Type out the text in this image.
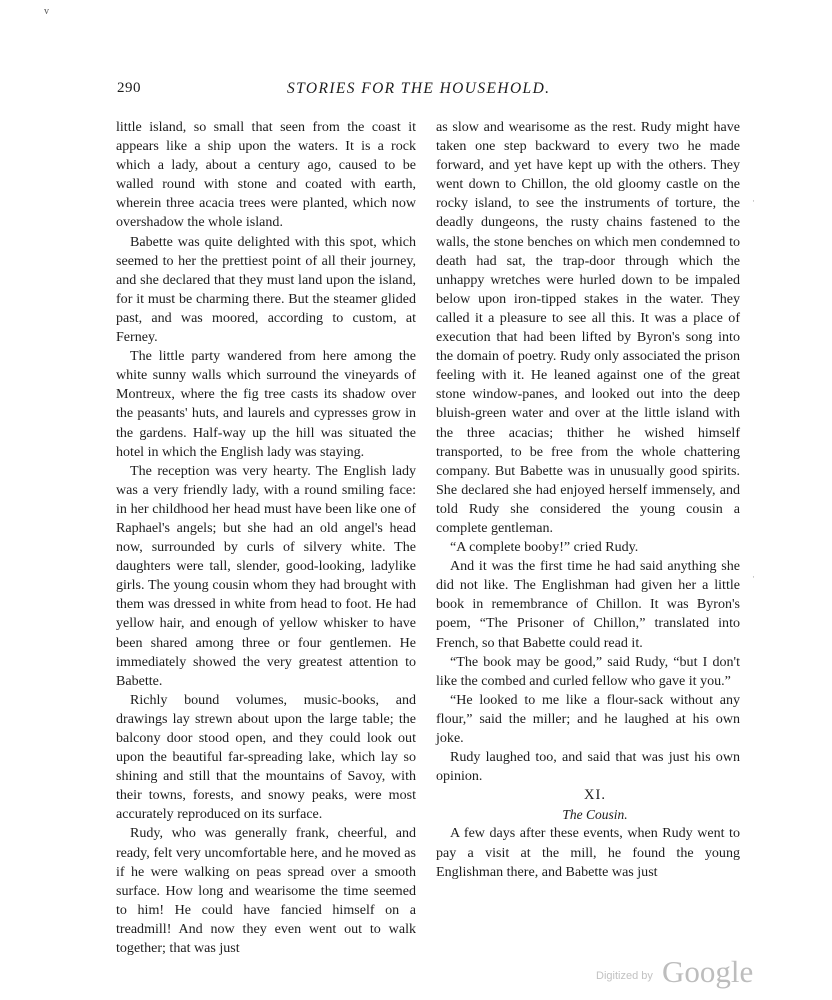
v
290	STORIES FOR THE HOUSEHOLD.

little island, so small that seen from the coast it appears like a ship upon the waters. It is a rock which a lady, about a century ago, caused to be walled round with stone and coated with earth, wherein three acacia trees were planted, which now overshadow the whole island.

Babette was quite delighted with this spot, which seemed to her the prettiest point of all their journey, and she declared that they must land upon the island, for it must be charming there. But the steamer glided past, and was moored, according to custom, at Ferney.

The little party wandered from here among the white sunny walls which surround the vineyards of Montreux, where the fig tree casts its shadow over the peasants' huts, and laurels and cypresses grow in the gardens. Half-way up the hill was situated the hotel in which the English lady was staying.

The reception was very hearty. The English lady was a very friendly lady, with a round smiling face: in her childhood her head must have been like one of Raphael's angels; but she had an old angel's head now, surrounded by curls of silvery white. The daughters were tall, slender, good-looking, ladylike girls. The young cousin whom they had brought with them was dressed in white from head to foot. He had yellow hair, and enough of yellow whisker to have been shared among three or four gentlemen. He immediately showed the very greatest attention to Babette.

Richly bound volumes, music-books, and drawings lay strewn about upon the large table; the balcony door stood open, and they could look out upon the beautiful far-spreading lake, which lay so shining and still that the mountains of Savoy, with their towns, forests, and snowy peaks, were most accurately reproduced on its surface.

Rudy, who was generally frank, cheerful, and ready, felt very uncomfortable here, and he moved as if he were walking on peas spread over a smooth surface. How long and wearisome the time seemed to him! He could have fancied himself on a treadmill! And now they even went out to walk together; that was just

as slow and wearisome as the rest. Rudy might have taken one step backward to every two he made forward, and yet have kept up with the others. They went down to Chillon, the old gloomy castle on the rocky island, to see the instruments of torture, the deadly dungeons, the rusty chains fastened to the walls, the stone benches on which men condemned to death had sat, the trap-door through which the unhappy wretches were hurled down to be impaled below upon iron-tipped stakes in the water. They called it a pleasure to see all this. It was a place of execution that had been lifted by Byron's song into the domain of poetry. Rudy only associated the prison feeling with it. He leaned against one of the great stone window-panes, and looked out into the deep bluish-green water and over at the little island with the three acacias; thither he wished himself transported, to be free from the whole chattering company. But Babette was in unusually good spirits. She declared she had enjoyed herself immensely, and told Rudy she considered the young cousin a complete gentleman.

“A complete booby!” cried Rudy.

And it was the first time he had said anything she did not like. The Englishman had given her a little book in remembrance of Chillon. It was Byron's poem, “The Prisoner of Chillon,” translated into French, so that Babette could read it.

“The book may be good,” said Rudy, “but I don't like the combed and curled fellow who gave it you.”

“He looked to me like a flour-sack without any flour,” said the miller; and he laughed at his own joke.

Rudy laughed too, and said that was just his own opinion.

XI.

The Cousin.

A few days after these events, when Rudy went to pay a visit at the mill, he found the young Englishman there, and Babette was just

·
·
Digitized by Google
